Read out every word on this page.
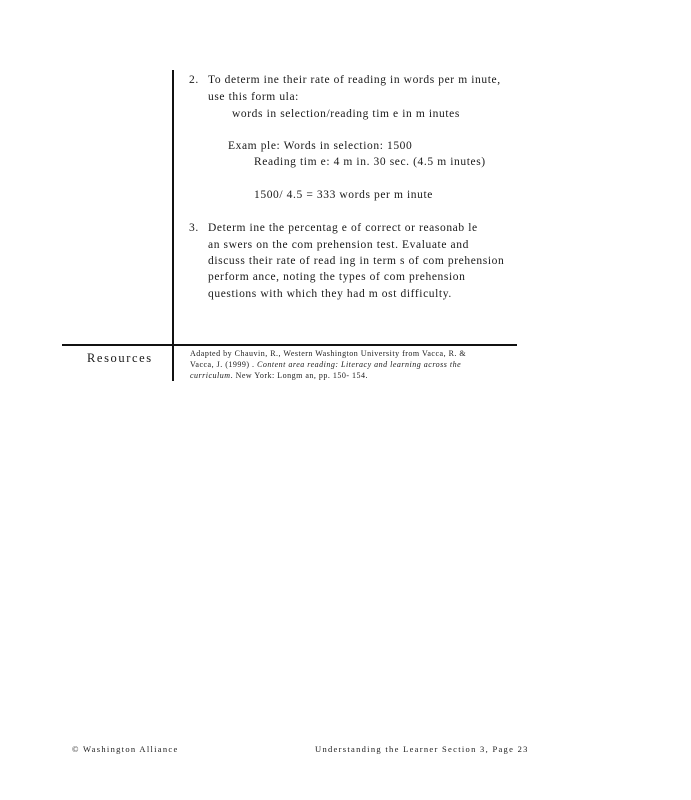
2. To determ ine their rate of reading in words per m inute,
use this form ula:
words in selection/reading tim e in m inutes
Exam ple: Words in selection: 1500
Reading tim e: 4 m in. 30 sec. (4.5 m inutes)
1500/ 4.5 = 333 words per m inute
3. Determ ine the percentag e of correct or reasonab le
an swers on the com prehension test. Evaluate and
discuss their rate of read ing in term s of com prehension
perform ance, noting the types of com prehension
questions with which they had m ost difficulty.
Resources	Adapted by Chauvin, R., Western Washington University from Vacca, R. &
Vacca, J. (1999) . Content area reading: Literacy and learning across the
curriculum. New York: Longm an, pp. 150- 154.
© Washington Alliance	Understanding the Learner Section 3, Page 23
